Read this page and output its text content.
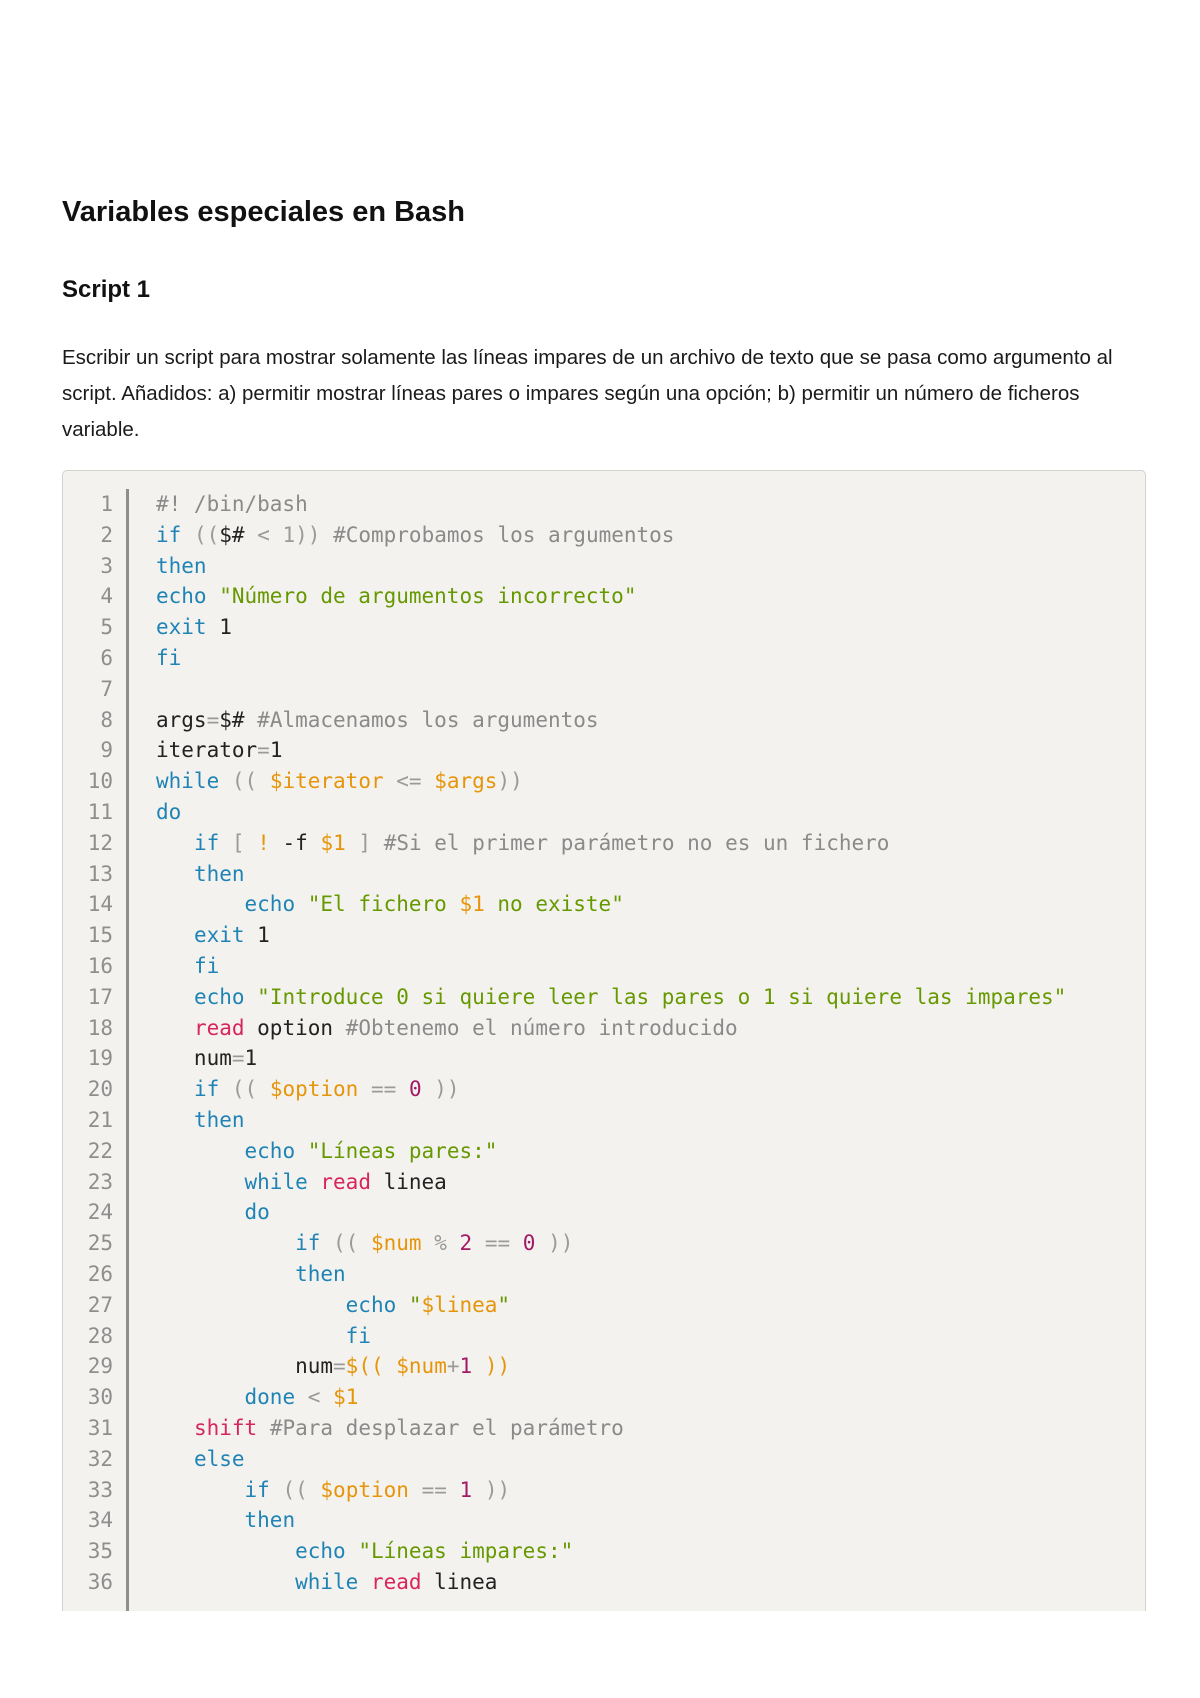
Variables especiales en Bash
Script 1

Escribir un script para mostrar solamente las líneas impares de un archivo de texto que se pasa como argumento al script. Añadidos: a) permitir mostrar líneas pares o impares según una opción; b) permitir un número de ficheros variable.

1 #! /bin/bash
2 if (($# < 1)) #Comprobamos los argumentos
3 then
4 echo "Número de argumentos incorrecto"
5 exit 1
6 fi
7
8 args=$# #Almacenamos los argumentos
9 iterator=1
10 while (( $iterator <= $args))
11 do
12	if [ ! -f $1 ] #Si el primer parámetro no es un fichero
13	then
14	echo "El fichero $1 no existe"
15	exit 1
16	fi
17	echo "Introduce 0 si quiere leer las pares o 1 si quiere las impares"
18	read option #Obtenemo el número introducido
19 num=1
20	if (( $option == 0 ))
21	then
22	echo "Líneas pares:"
23	while read linea
24	do
25	if (( $num % 2 == 0 ))
26	then
27	echo "$linea"
28	fi
29 num=$(( $num+1 ))
30	done < $1
31	shift #Para desplazar el parámetro
32	else
33	if (( $option == 1 ))
34	then
35	echo "Líneas impares:"
36	while read linea
